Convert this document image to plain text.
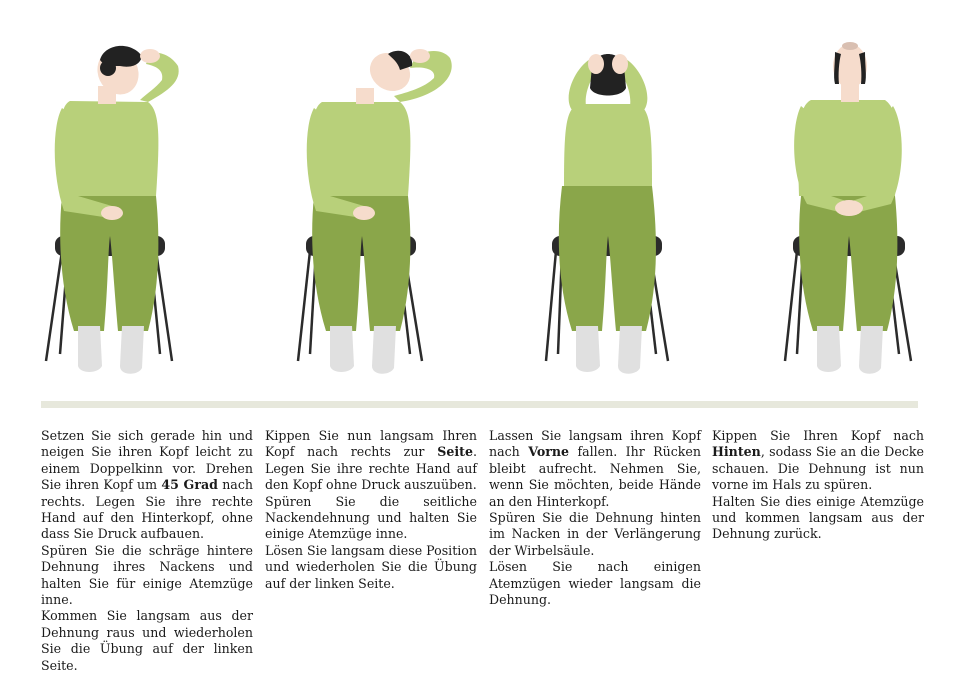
Setzen Sie sich gerade hin und neigen Sie ihren Kopf leicht zu einem Doppelkinn vor. Drehen Sie ihren Kopf um 45 Grad nach rechts. Legen Sie ihre rechte Hand auf den Hinterkopf, ohne dass Sie Druck aufbauen.

Spüren Sie die schräge hintere Dehnung ihres Nackens und halten Sie für einige Atemzüge inne.

Kommen Sie langsam aus der Dehnung raus und wiederholen Sie die Übung auf der linken Seite.

Kippen Sie nun langsam Ihren Kopf nach rechts zur Seite. Legen Sie ihre rechte Hand auf den Kopf ohne Druck auszuüben.

Spüren Sie die seitliche Nackendehnung und halten Sie einige Atemzüge inne.

Lösen Sie langsam diese Position und wiederholen Sie die Übung auf der linken Seite.

Lassen Sie langsam ihren Kopf nach Vorne fallen. Ihr Rücken bleibt aufrecht. Nehmen Sie, wenn Sie möchten, beide Hände an den Hinterkopf.

Spüren Sie die Dehnung hinten im Nacken in der Verlängerung der Wirbelsäule.

Lösen Sie nach einigen Atemzügen wieder langsam die Dehnung.

Kippen Sie Ihren Kopf nach Hinten, sodass Sie an die Decke schauen. Die Dehnung ist nun vorne im Hals zu spüren.

Halten Sie dies einige Atemzüge und kommen langsam aus der Dehnung zurück.
